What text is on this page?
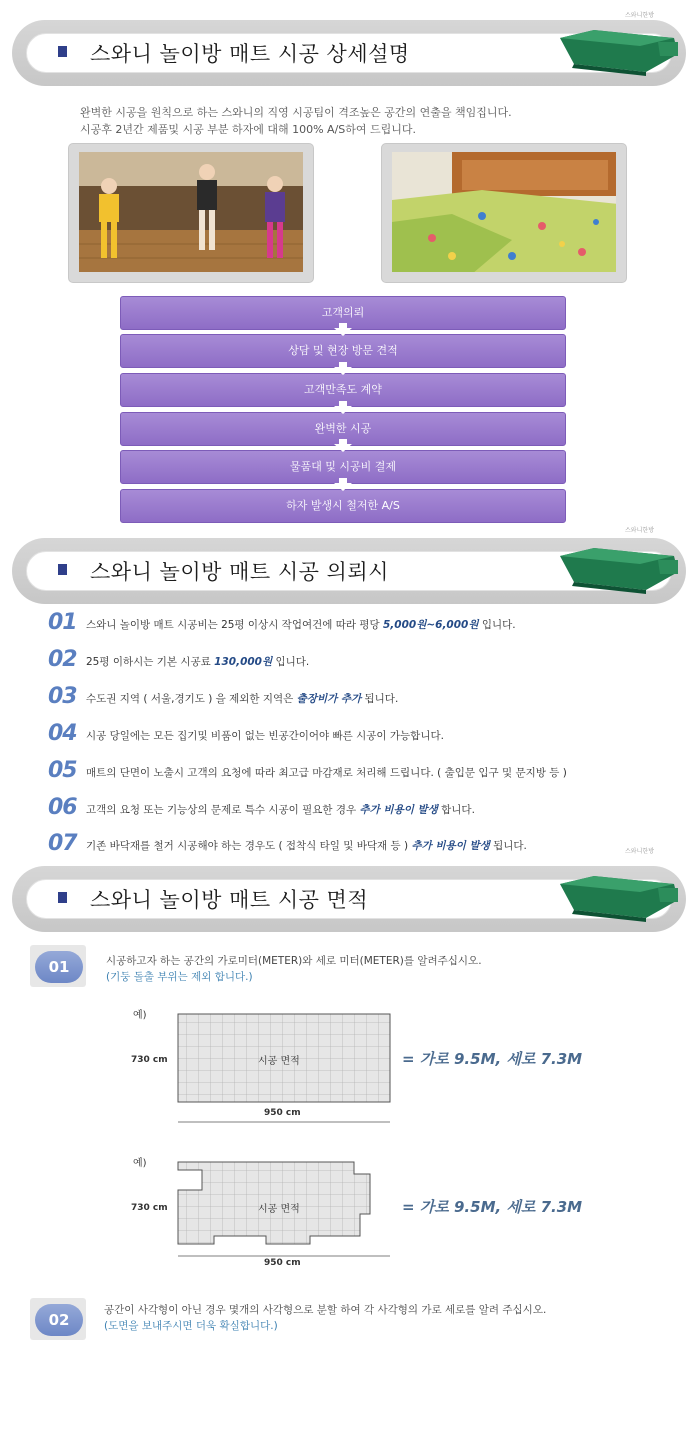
스와니한방
스와니한방
스와니한방
스와니 놀이방 매트 시공 상세설명
완벽한 시공을 원칙으로 하는 스와니의 직영 시공팀이 격조높은 공간의 연출을 책임집니다.
시공후 2년간 제품및 시공 부분 하자에 대해 100% A/S하여 드립니다.
고객의뢰
상담 및 현장 방문 견적
고객만족도 계약
완벽한 시공
물품대 및 시공비 결제
하자 발생시 철저한 A/S
스와니 놀이방 매트 시공 의뢰시
01 스와니 놀이방 매트 시공비는 25평 이상시 작업여건에 따라 평당 5,000원~6,000원 입니다.
02 25평 이하시는 기본 시공료 130,000원 입니다.
03 수도권 지역 ( 서울,경기도 ) 을 제외한 지역은 출장비가 추가 됩니다.
04 시공 당일에는 모든 집기및 비품이 없는 빈공간이어야 빠른 시공이 가능합니다.
05 매트의 단면이 노출시 고객의 요청에 따라 최고급 마감재로 처리해 드립니다. ( 출입문 입구 및 문지방 등 )
06 고객의 요청 또는 기능상의 문제로 특수 시공이 필요한 경우 추가 비용이 발생 합니다.
07 기존 바닥재를 철거 시공해야 하는 경우도 ( 접착식 타일 및 바닥재 등 ) 추가 비용이 발생 됩니다.
스와니 놀이방 매트 시공 면적
01	시공하고자 하는 공간의 가로미터(METER)와 세로 미터(METER)를 알려주십시오.
(기둥 돌출 부위는 제외 합니다.)
예)
730 cm
950 cm
시공 면적	= 가로 9.5M, 세로 7.3M
예)
730 cm
950 cm
시공 면적	= 가로 9.5M, 세로 7.3M
02
공간이 사각형이 아닌 경우 몇개의 사각형으로 분할 하여 각 사각형의 가로 세로를 알려 주십시오.
(도면을 보내주시면 더욱 확실합니다.)
